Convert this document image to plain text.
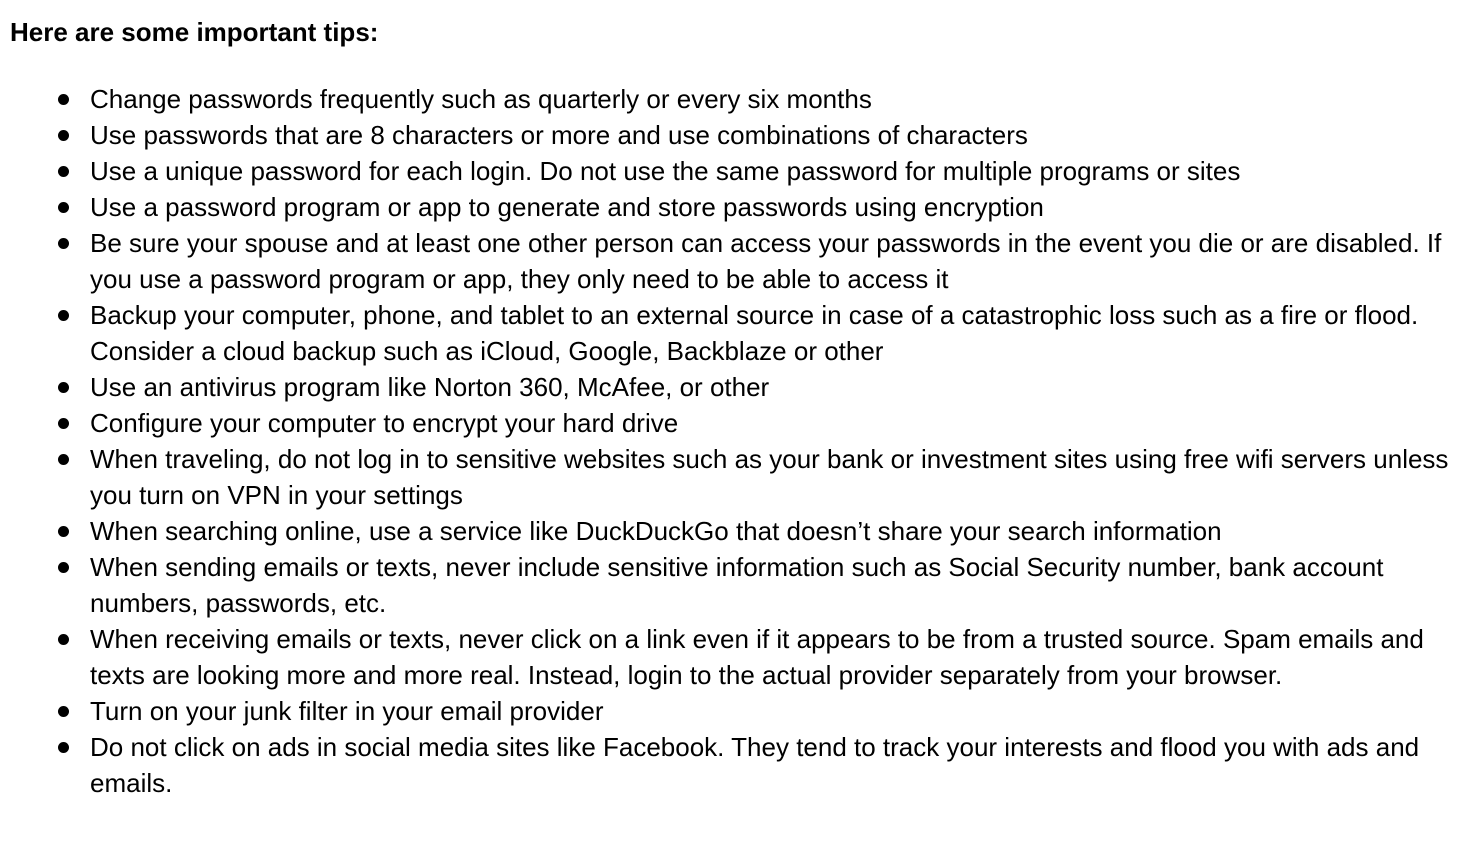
Here are some important tips:
Change passwords frequently such as quarterly or every six months
Use passwords that are 8 characters or more and use combinations of characters
Use a unique password for each login. Do not use the same password for multiple programs or sites
Use a password program or app to generate and store passwords using encryption
Be sure your spouse and at least one other person can access your passwords in the event you die or are disabled. If you use a password program or app, they only need to be able to access it
Backup your computer, phone, and tablet to an external source in case of a catastrophic loss such as a fire or flood. Consider a cloud backup such as iCloud, Google, Backblaze or other
Use an antivirus program like Norton 360, McAfee, or other
Configure your computer to encrypt your hard drive
When traveling, do not log in to sensitive websites such as your bank or investment sites using free wifi servers unless you turn on VPN in your settings
When searching online, use a service like DuckDuckGo that doesn’t share your search information
When sending emails or texts, never include sensitive information such as Social Security number, bank account numbers, passwords, etc.
When receiving emails or texts, never click on a link even if it appears to be from a trusted source. Spam emails and texts are looking more and more real. Instead, login to the actual provider separately from your browser.
Turn on your junk filter in your email provider
Do not click on ads in social media sites like Facebook. They tend to track your interests and flood you with ads and emails.
